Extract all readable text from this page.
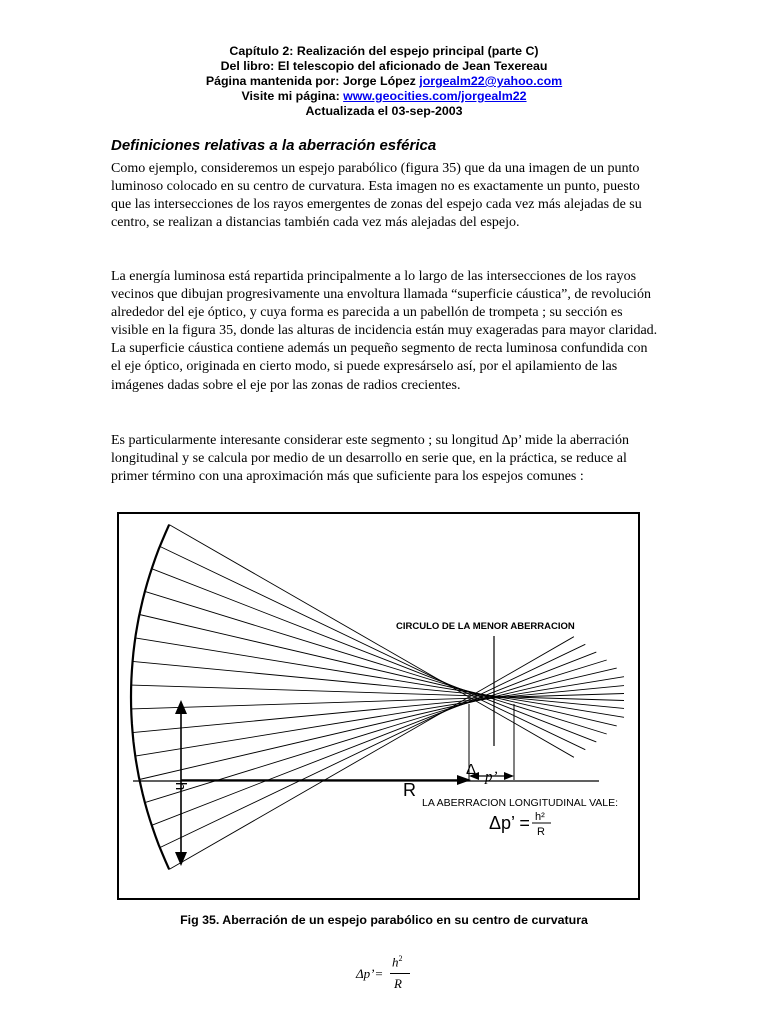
Capítulo 2: Realización del espejo principal (parte C)
Del libro: El telescopio del aficionado de Jean Texereau
Página mantenida por: Jorge López jorgealm22@yahoo.com
Visite mi página: www.geocities.com/jorgealm22
Actualizada el 03-sep-2003
Definiciones relativas a la aberración esférica

Como ejemplo, consideremos un espejo parabólico (figura 35) que da una imagen de un punto luminoso colocado en su centro de curvatura. Esta imagen no es exactamente un punto, puesto que las intersecciones de los rayos emergentes de zonas del espejo cada vez más alejadas de su centro, se realizan a distancias también cada vez más alejadas del espejo.

La energía luminosa está repartida principalmente a lo largo de las intersecciones de los rayos vecinos que dibujan progresivamente una envoltura llamada “superficie cáustica”, de revolución alrededor del eje óptico, y cuya forma es parecida a un pabellón de trompeta ; su sección es visible en la figura 35, donde las alturas de incidencia están muy exageradas para mayor claridad. La superficie cáustica contiene además un pequeño segmento de recta luminosa confundida con el eje óptico, originada en cierto modo, si puede expresárselo así, por el apilamiento de las imágenes dadas sobre el eje por las zonas de radios crecientes.

Es particularmente interesante considerar este segmento ; su longitud Δp’ mide la aberración longitudinal y se calcula por medio de un desarrollo en serie que, en la práctica, se reduce al primer término con una aproximación más que suficiente para los espejos comunes :

CIRCULO DE LA MENOR ABERRACION
R
h
Δ p’
LA ABERRACION LONGITUDINAL VALE:
Δp’ = h²
R
Fig 35. Aberración de un espejo parabólico en su centro de curvatura
Δp’=
$h^2$
R
